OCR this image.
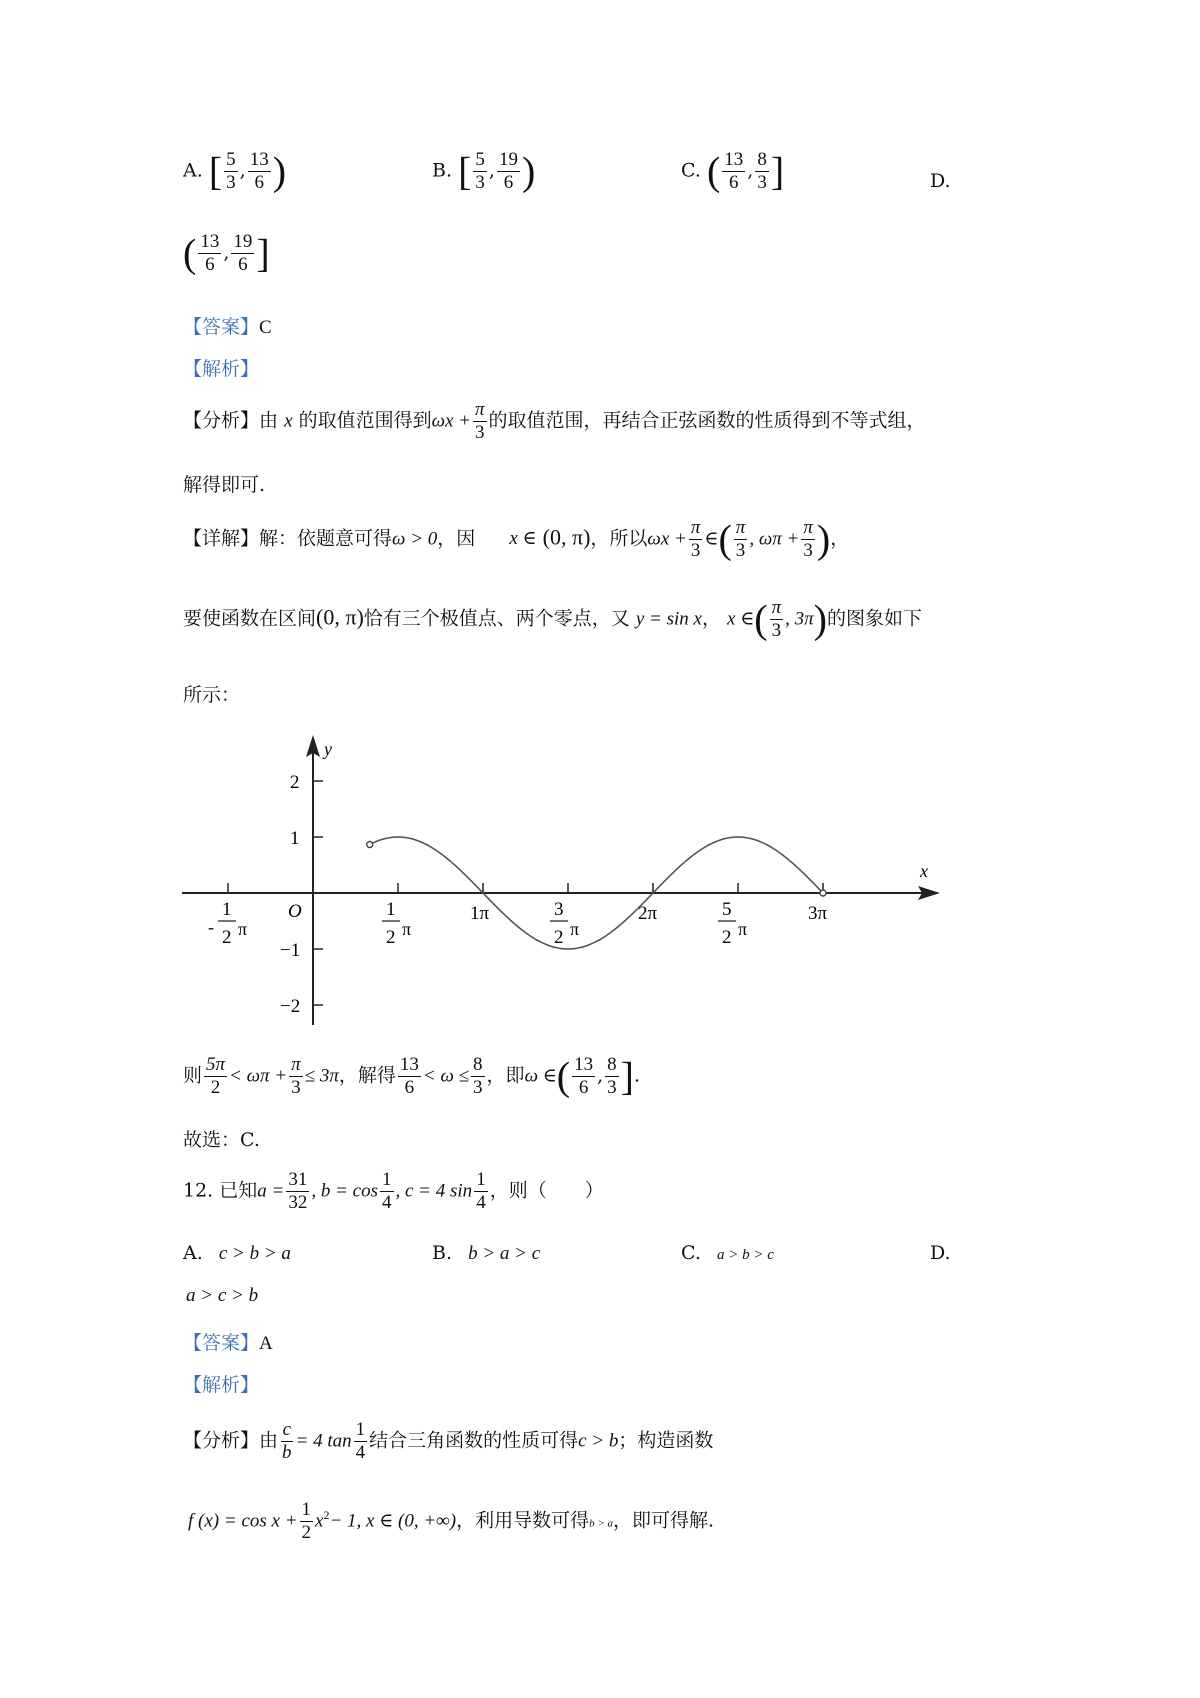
A. [ $\frac{5}{3}$ , $\frac{13}{6}$ )	B. [ $\frac{5}{3}$ , $\frac{19}{6}$ )	C. ( $\frac{13}{6}$ , $\frac{8}{3}$ ]	D.
( $\frac{13}{6}$ , $\frac{19}{6}$ ]
【答案】C
【解析】
【分析】由 x 的取值范围得到$\omega x + \frac{\pi}{3}$ 的取值范围，再结合正弦函数的性质得到不等式组，
解得即可.
【详解】解：依题意可得ω > 0，因 x ∈ (0, π)，所以$\omega x + \frac{\pi}{3}$ ∈( $\frac{\pi}{3}$ , $\omega\pi + \frac{\pi}{3}$ )，
要使函数在区间(0, π)恰有三个极值点、两个零点，又 y = sin x， x ∈( $\frac{\pi}{3}$ , 3π)的图象如下
所示：
y
x
O
2
1
−1
−2
-
1
2 π
1
2 π
1π	3
2 π
2π	5
2 π
3π
则 $\frac{5\pi}{2} < \omega\pi + \frac{\pi}{3} \le 3\pi$，解得 $\frac{13}{6} < \omega \le \frac{8}{3}$ ，即ω ∈( $\frac{13}{6}$ , $\frac{8}{3}$ ].
故选：C.
12. 已知$a = \frac{31}{32}$ , $b = \cos \frac{1}{4}$ , c = 4 $\sin \frac{1}{4}$ ，则（　　）
A. c > b > a	B. b > a > c	C. a > b > c	D.
a > c > b
【答案】A
【解析】
【分析】由 $\frac{c}{b} = 4$ $\tan \frac{1}{4}$ 结合三角函数的性质可得c > b；构造函数
f $(x) = \cos x + \frac{1}{2} x^2- 1$, x ∈ (0, +∞)，利用导数可得b > a，即可得解.
